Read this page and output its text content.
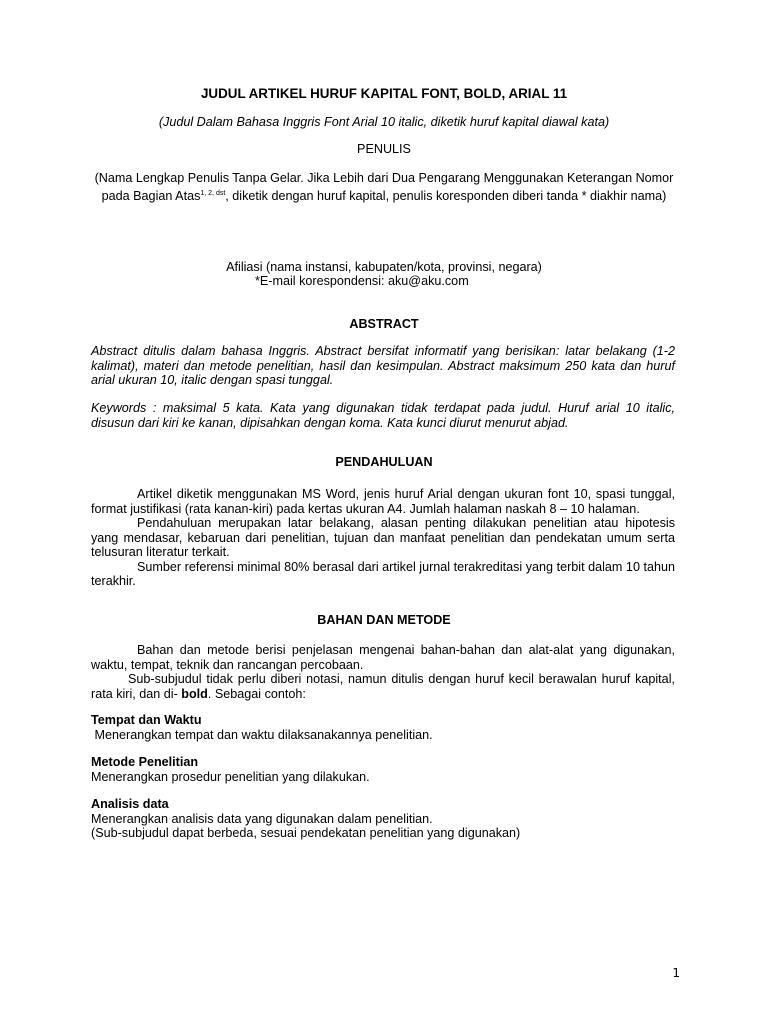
JUDUL ARTIKEL HURUF KAPITAL FONT, BOLD, ARIAL 11
(Judul Dalam Bahasa Inggris Font Arial 10 italic, diketik huruf kapital diawal kata)
PENULIS
(Nama Lengkap Penulis Tanpa Gelar. Jika Lebih dari Dua Pengarang Menggunakan Keterangan Nomor pada Bagian Atas$^{1, 2, dst}$, diketik dengan huruf kapital, penulis koresponden diberi tanda * diakhir nama)
Afiliasi (nama instansi, kabupaten/kota, provinsi, negara)
*E-mail korespondensi: aku@aku.com
ABSTRACT

Abstract ditulis dalam bahasa Inggris. Abstract bersifat informatif yang berisikan: latar belakang (1-2 kalimat), materi dan metode penelitian, hasil dan kesimpulan. Abstract maksimum 250 kata dan huruf arial ukuran 10, italic dengan spasi tunggal.

Keywords : maksimal 5 kata. Kata yang digunakan tidak terdapat pada judul. Huruf arial 10 italic, disusun dari kiri ke kanan, dipisahkan dengan koma. Kata kunci diurut menurut abjad.

PENDAHULUAN

Artikel diketik menggunakan MS Word, jenis huruf Arial dengan ukuran font 10, spasi tunggal, format justifikasi (rata kanan-kiri) pada kertas ukuran A4. Jumlah halaman naskah 8 – 10 halaman.

Pendahuluan merupakan latar belakang, alasan penting dilakukan penelitian atau hipotesis yang mendasar, kebaruan dari penelitian, tujuan dan manfaat penelitian dan pendekatan umum serta telusuran literatur terkait.

Sumber referensi minimal 80% berasal dari artikel jurnal terakreditasi yang terbit dalam 10 tahun terakhir.

BAHAN DAN METODE

Bahan dan metode berisi penjelasan mengenai bahan-bahan dan alat-alat yang digunakan, waktu, tempat, teknik dan rancangan percobaan.

Sub-subjudul tidak perlu diberi notasi, namun ditulis dengan huruf kecil berawalan huruf kapital, rata kiri, dan di- bold. Sebagai contoh:

Tempat dan Waktu
Menerangkan tempat dan waktu dilaksanakannya penelitian.
Metode Penelitian
Menerangkan prosedur penelitian yang dilakukan.
Analisis data
Menerangkan analisis data yang digunakan dalam penelitian.
(Sub-subjudul dapat berbeda, sesuai pendekatan penelitian yang digunakan)
1
